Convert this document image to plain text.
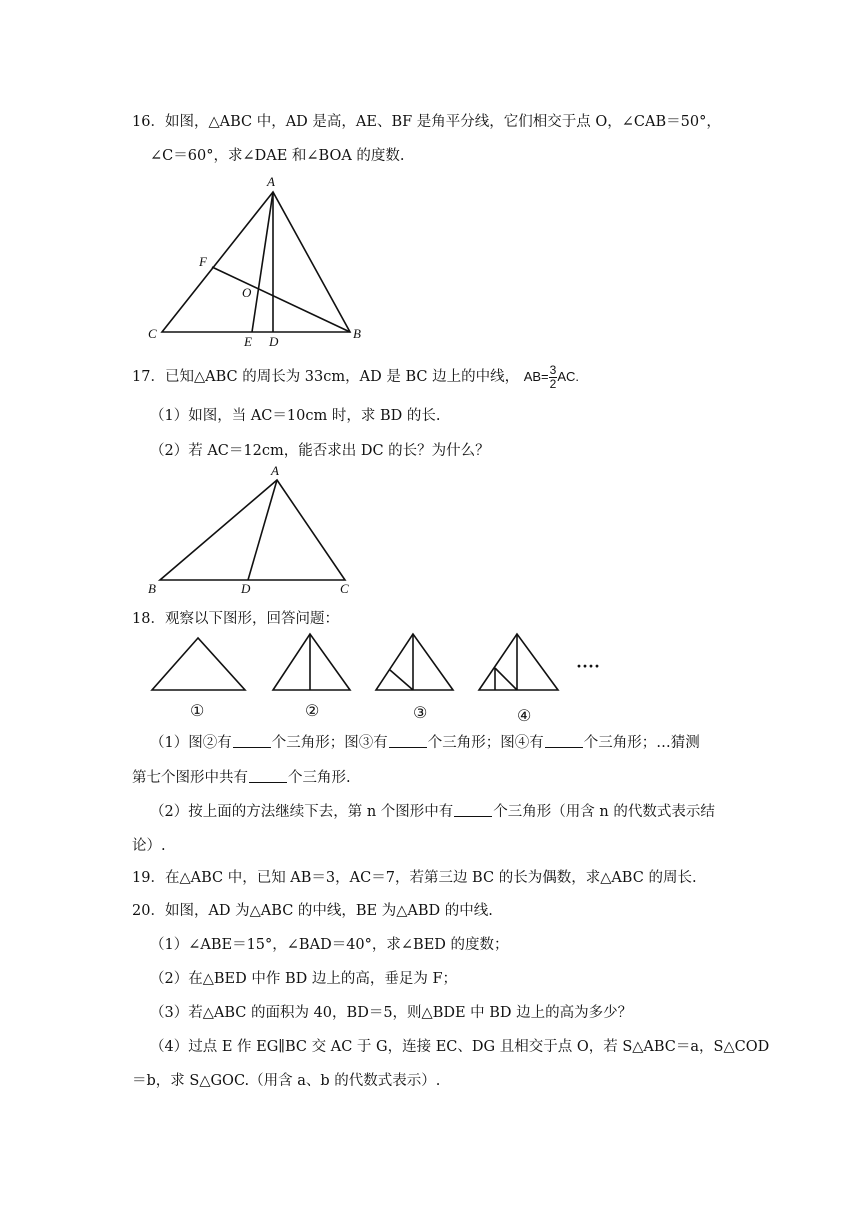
16．如图，△ABC 中，AD 是高，AE、BF 是角平分线，它们相交于点 O，∠CAB＝50°，
∠C＝60°，求∠DAE 和∠BOA 的度数.
A
F
O
C
E D
B
17．已知△ABC 的周长为 33cm，AD 是 BC 边上的中线， $AB= \frac{3}{2}$ AC.
（1）如图，当 AC＝10cm 时，求 BD 的长.
（2）若 AC＝12cm，能否求出 DC 的长？为什么？
A
B	D	C
18．观察以下图形，回答问题：
····
①	②	③	④
（1）图②有	个三角形；图③有	个三角形；图④有	个三角形；…猜测
第七个图形中共有	个三角形.
（2）按上面的方法继续下去，第 n 个图形中有	个三角形（用含 n 的代数式表示结
论）.
19．在△ABC 中，已知 AB＝3，AC＝7，若第三边 BC 的长为偶数，求△ABC 的周长.
20．如图，AD 为△ABC 的中线，BE 为△ABD 的中线.
（1）∠ABE＝15°，∠BAD＝40°，求∠BED 的度数；
（2）在△BED 中作 BD 边上的高，垂足为 F；
（3）若△ABC 的面积为 40，BD＝5，则△BDE 中 BD 边上的高为多少？
（4）过点 E 作 EG∥BC 交 AC 于 G，连接 EC、DG 且相交于点 O，若 S△ABC＝a，S△COD
＝b，求 S△GOC.（用含 a、b 的代数式表示）.
